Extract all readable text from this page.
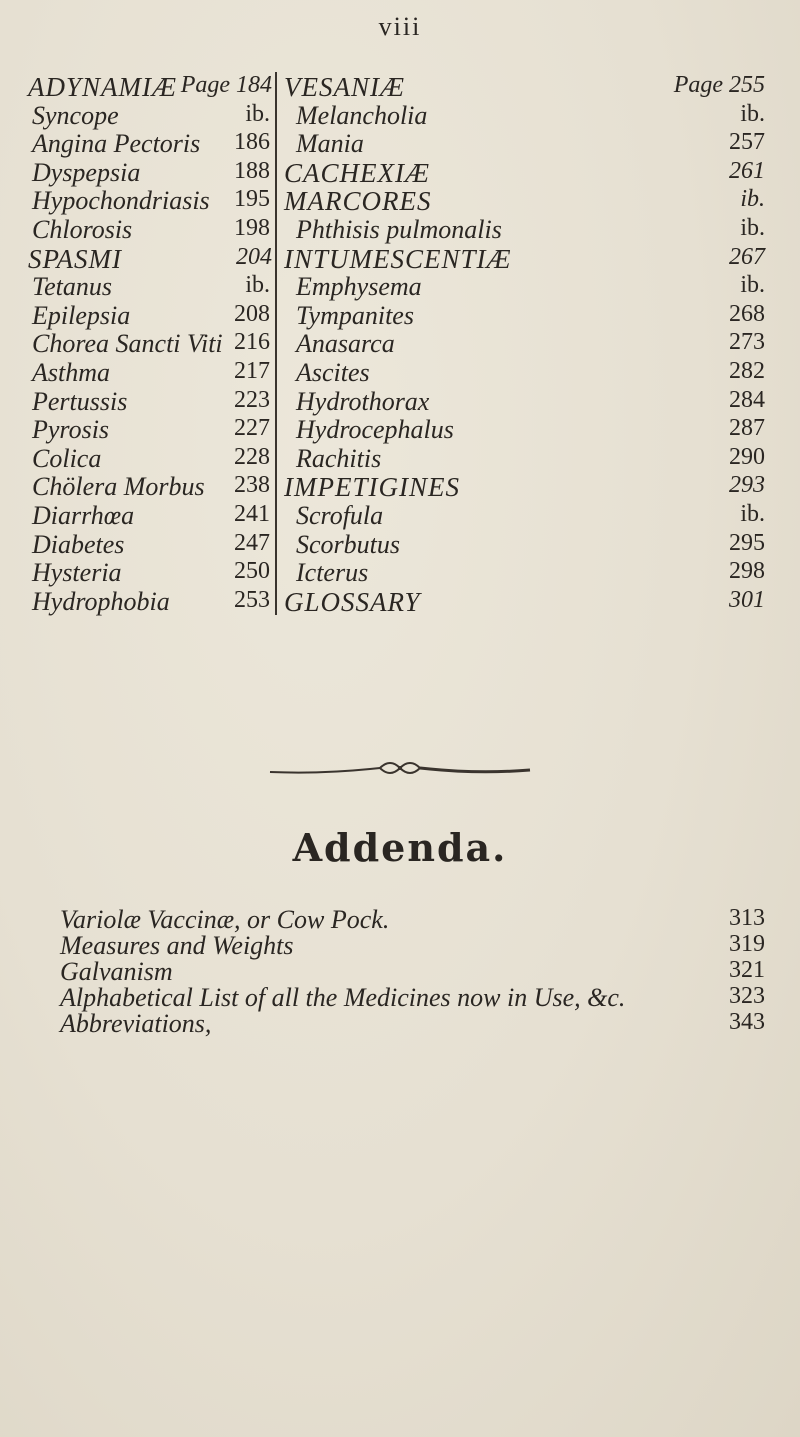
viii
ADYNAMIÆ Page 184 VESANIÆ	Page 255
Syncope	ib. Melancholia	ib.
Angina Pectoris	186 Mania	257
Dyspepsia	188 CACHEXIÆ	261
Hypochondriasis	195 MARCORES	ib.
Chlorosis	198 Phthisis pulmonalis	ib.
SPASMI	204 INTUMESCENTIÆ	267
Tetanus	ib. Emphysema	ib.
Epilepsia	208 Tympanites	268
Chorea Sancti Viti 216 Anasarca	273
Asthma	217 Ascites	282
Pertussis	223 Hydrothorax	284
Pyrosis	227 Hydrocephalus	287
Colica	228 Rachitis	290
Chölera Morbus	238 IMPETIGINES	293
Diarrhœa	241 Scrofula	ib.
Diabetes	247 Scorbutus	295
Hysteria	250 Icterus	298
Hydrophobia	253 GLOSSARY	301
Addenda.
Variolæ Vaccinæ, or Cow Pock.	313
Measures and Weights	319
Galvanism	321
Alphabetical List of all the Medicines now in Use, &c.	323
Abbreviations,	343
